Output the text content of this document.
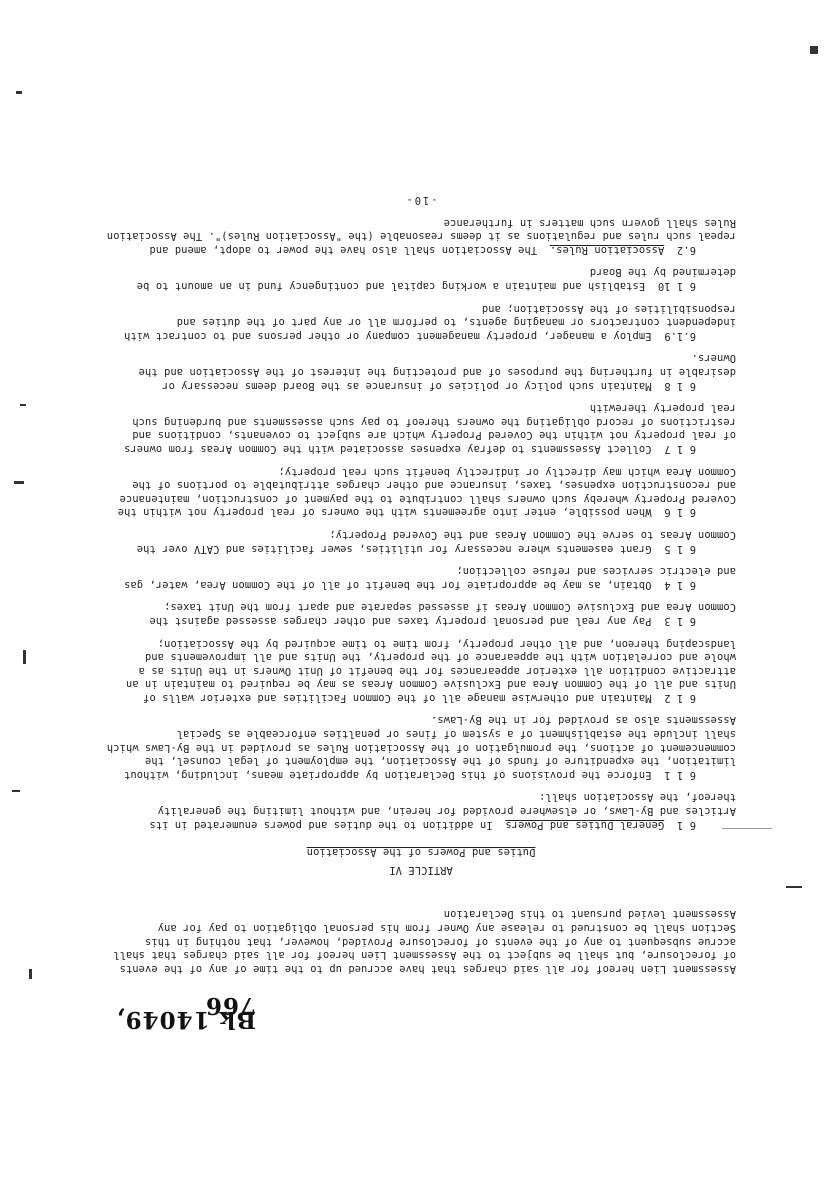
Bk 14049, 766

Assessment Lien hereof for all said charges that have accrued up to the time of any of the events of foreclosure, but shall be subject to the Assessment Lien hereof for all said charges that shall accrue subsequent to any of the events of foreclosure Provided, however, that nothing in this Section shall be construed to release any Owner from his personal obligation to pay for any Assessment levied pursuant to this Declaration

ARTICLE VI
Duties and Powers of the Association

6 1  General Duties and Powers  In addition to the duties and powers enumerated in its Articles and By-Laws, or elsewhere provided for herein, and without limiting the generality thereof, the Association shall:

6 1 1  Enforce the provisions of this Declaration by appropriate means, including, without limitation, the expenditure of funds of the Association, the employment of legal counsel, the commencement of actions, the promulgation of the Association Rules as provided in the By-Laws which shall include the establishment of a system of fines or penalties enforceable as Special Assessments also as provided for in the By-Laws.

6 1 2  Maintain and otherwise manage all of the Common Facilities and exterior walls of Units and all of the Common Area and Exclusive Common Areas as may be required to maintain in an attractive condition all exterior appearances for the benefit of Unit Owners in the Units as a whole and correlation with the appearance of the property, the Units and all improvements and landscaping thereon, and all other property, from time to time acquired by the Association;

6 1 3  Pay any real and personal property taxes and other charges assessed against the Common Area and Exclusive Common Areas if assessed separate and apart from the Unit taxes;

6 1 4  Obtain, as may be appropriate for the benefit of all of the Common Area, water, gas and electric services and refuse collection;

6 1 5  Grant easements where necessary for utilities, sewer facilities and CATV over the Common Areas to serve the Common Areas and the Covered Property;

6 1 6  When possible, enter into agreements with the owners of real property not within the Covered Property whereby such owners shall contribute to the payment of construction, maintenance and reconstruction expenses, taxes, insurance and other charges attributable to portions of the Common Area which may directly or indirectly benefit such real property;

6 1 7  Collect Assessments to defray expenses associated with the Common Areas from owners of real property not within the Covered Property which are subject to covenants, conditions and restrictions of record obligating the owners thereof to pay such assessments and burdening such real property therewith

6 1 8  Maintain such policy or policies of insurance as the Board deems necessary or desirable in furthering the purposes of and protecting the interest of the Association and the Owners.

6.1.9  Employ a manager, property management company or other persons and to contract with independent contractors or managing agents, to perform all or any part of the duties and responsibilities of the Association; and

6 1 10  Establish and maintain a working capital and contingency fund in an amount to be determined by the Board

6.2  Association Rules.  The Association shall also have the power to adopt, amend and repeal such rules and regulations as it deems reasonable (the "Association Rules)". The Association Rules shall govern such matters in furtherance

-10-
